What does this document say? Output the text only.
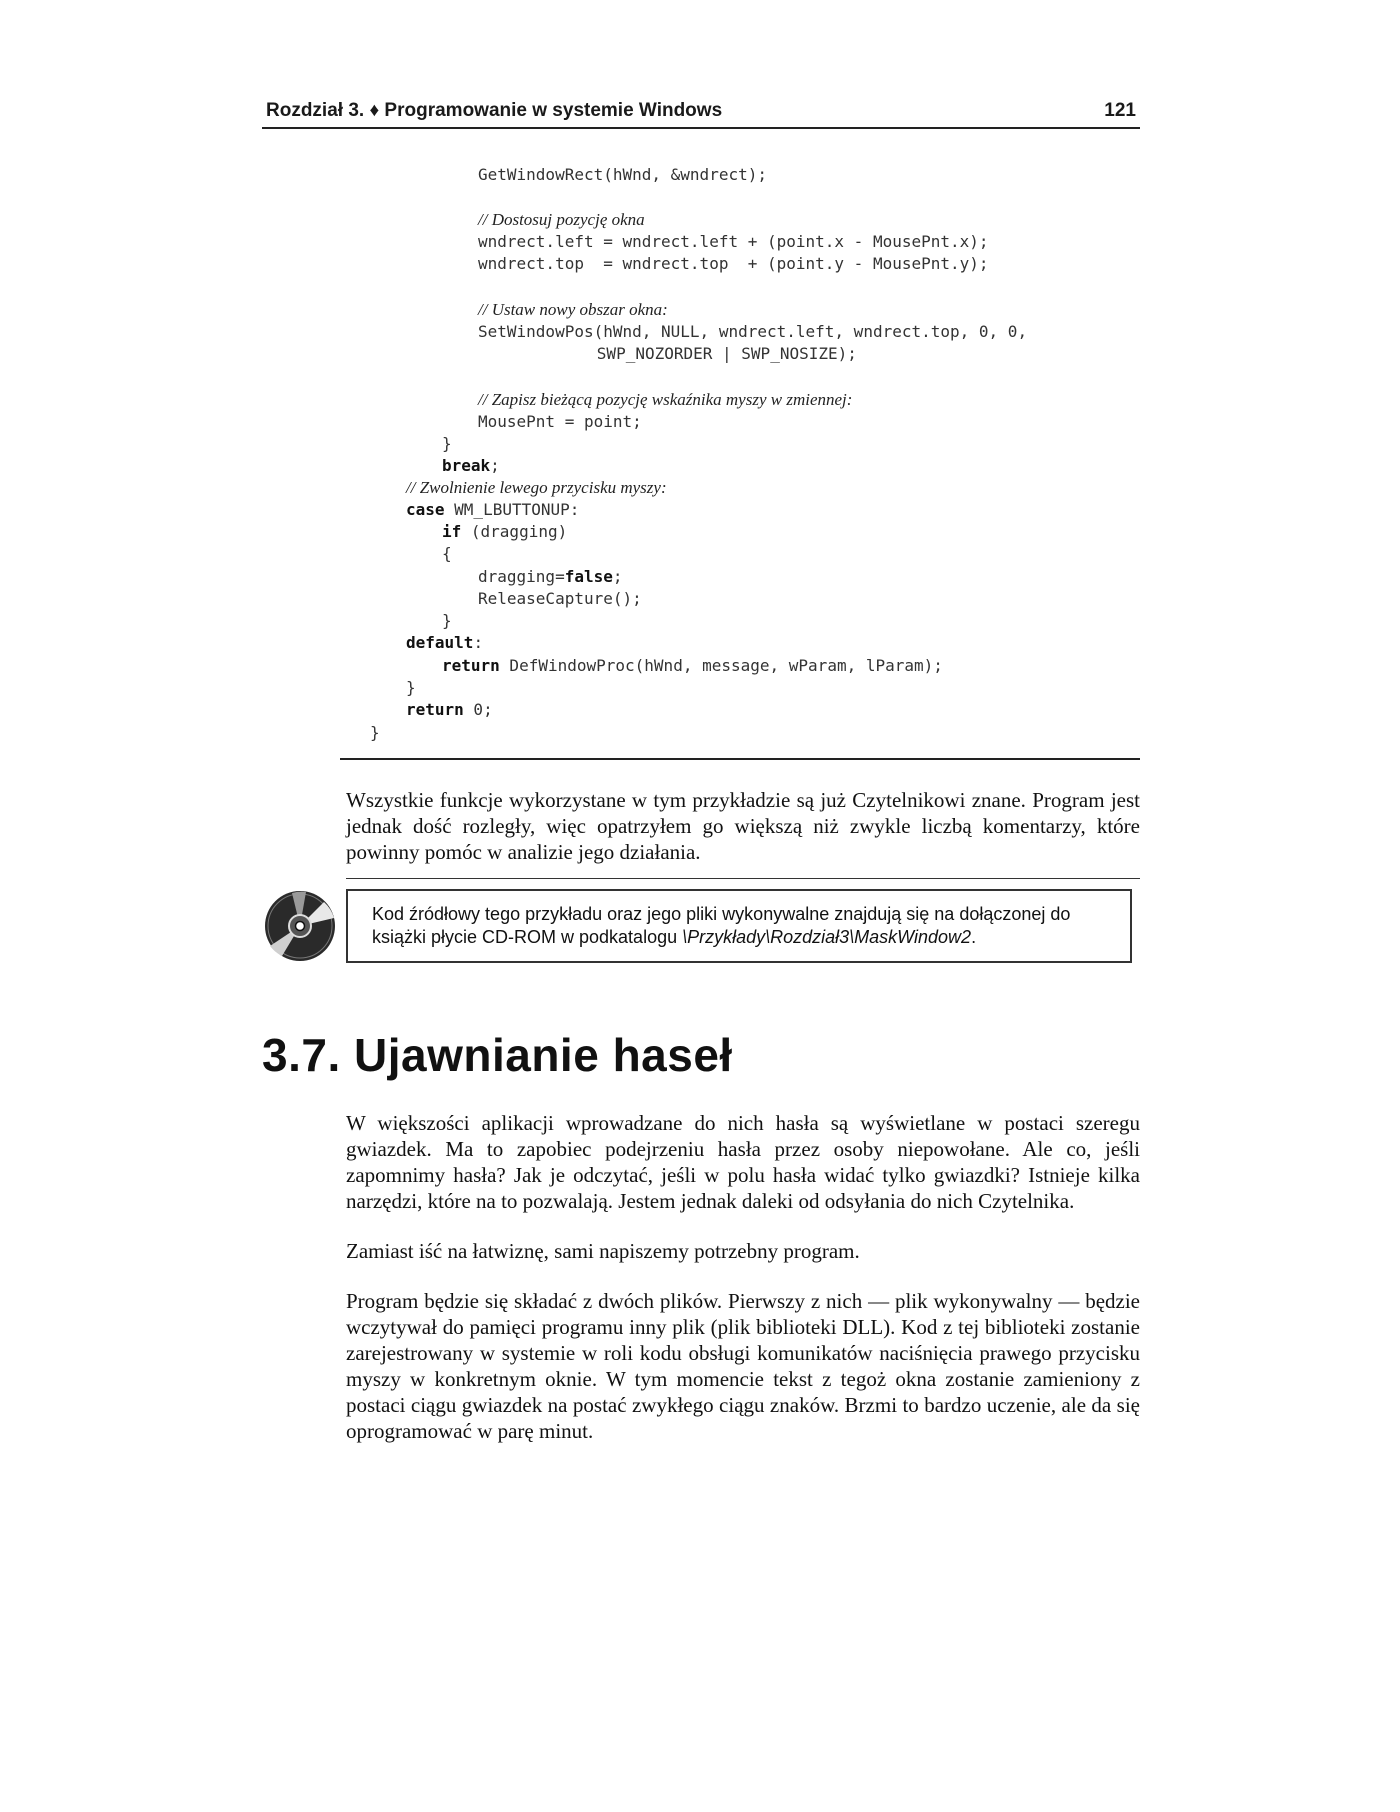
Rozdział 3. ♦ Programowanie w systemie Windows	121
GetWindowRect(hWnd, &wndrect);
// Dostosuj pozycję okna
wndrect.left = wndrect.left + (point.x - MousePnt.x);
wndrect.top  = wndrect.top  + (point.y - MousePnt.y);
// Ustaw nowy obszar okna:
SetWindowPos(hWnd, NULL, wndrect.left, wndrect.top, 0, 0,
SWP_NOZORDER | SWP_NOSIZE);
// Zapisz bieżącą pozycję wskaźnika myszy w zmiennej:
MousePnt = point;
}
break;
// Zwolnienie lewego przycisku myszy:
case WM_LBUTTONUP:
if (dragging)
{
dragging=false;
ReleaseCapture();
}
default:
return DefWindowProc(hWnd, message, wParam, lParam);
}
return 0;
}
Wszystkie funkcje wykorzystane w tym przykładzie są już Czytelnikowi znane. Program jest jednak dość rozległy, więc opatrzyłem go większą niż zwykle liczbą komentarzy, które powinny pomóc w analizie jego działania.
Kod źródłowy tego przykładu oraz jego pliki wykonywalne znajdują się na dołączonej do książki płycie CD-ROM w podkatalogu \Przykłady\Rozdział3\MaskWindow2.
3.7. Ujawnianie haseł
W większości aplikacji wprowadzane do nich hasła są wyświetlane w postaci szeregu gwiazdek. Ma to zapobiec podejrzeniu hasła przez osoby niepowołane. Ale co, jeśli zapomnimy hasła? Jak je odczytać, jeśli w polu hasła widać tylko gwiazdki? Istnieje kilka narzędzi, które na to pozwalają. Jestem jednak daleki od odsyłania do nich Czytelnika.
Zamiast iść na łatwiznę, sami napiszemy potrzebny program.
Program będzie się składać z dwóch plików. Pierwszy z nich — plik wykonywalny — będzie wczytywał do pamięci programu inny plik (plik biblioteki DLL). Kod z tej biblioteki zostanie zarejestrowany w systemie w roli kodu obsługi komunikatów naciśnięcia prawego przycisku myszy w konkretnym oknie. W tym momencie tekst z tegoż okna zostanie zamieniony z postaci ciągu gwiazdek na postać zwykłego ciągu znaków. Brzmi to bardzo uczenie, ale da się oprogramować w parę minut.
